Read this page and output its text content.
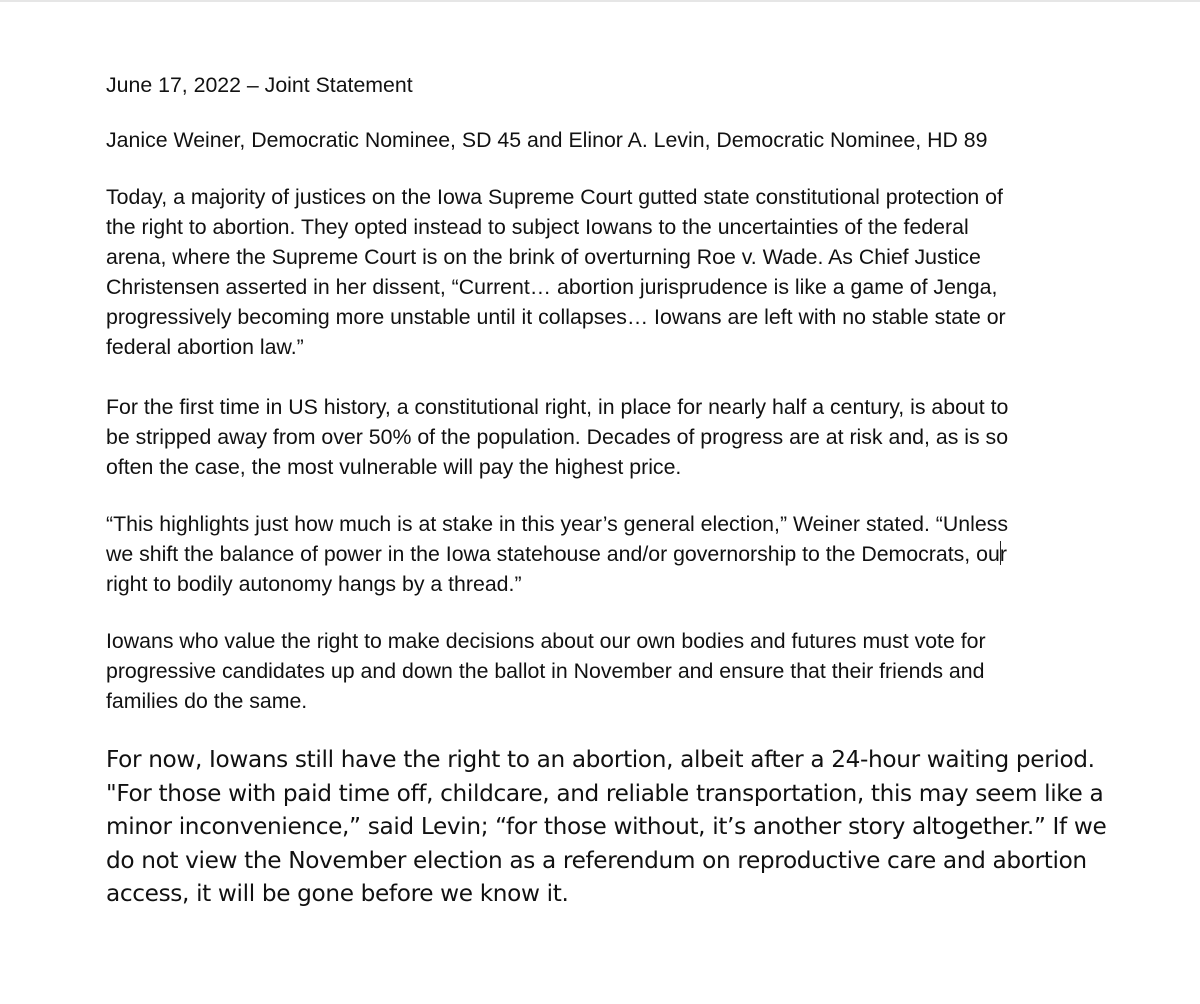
June 17, 2022 – Joint Statement
Janice Weiner, Democratic Nominee, SD 45 and Elinor A. Levin, Democratic Nominee, HD 89
Today, a majority of justices on the Iowa Supreme Court gutted state constitutional protection of
the right to abortion. They opted instead to subject Iowans to the uncertainties of the federal
arena, where the Supreme Court is on the brink of overturning Roe v. Wade. As Chief Justice
Christensen asserted in her dissent, “Current… abortion jurisprudence is like a game of Jenga,
progressively becoming more unstable until it collapses… Iowans are left with no stable state or
federal abortion law.”
For the first time in US history, a constitutional right, in place for nearly half a century, is about to
be stripped away from over 50% of the population. Decades of progress are at risk and, as is so
often the case, the most vulnerable will pay the highest price.
“This highlights just how much is at stake in this year’s general election,” Weiner stated. “Unless
we shift the balance of power in the Iowa statehouse and/or governorship to the Democrats, our
right to bodily autonomy hangs by a thread.”
Iowans who value the right to make decisions about our own bodies and futures must vote for
progressive candidates up and down the ballot in November and ensure that their friends and
families do the same.
For now, Iowans still have the right to an abortion, albeit after a 24-hour waiting period.
"For those with paid time off, childcare, and reliable transportation, this may seem like a
minor inconvenience,” said Levin; “for those without, it’s another story altogether.” If we
do not view the November election as a referendum on reproductive care and abortion
access, it will be gone before we know it.
